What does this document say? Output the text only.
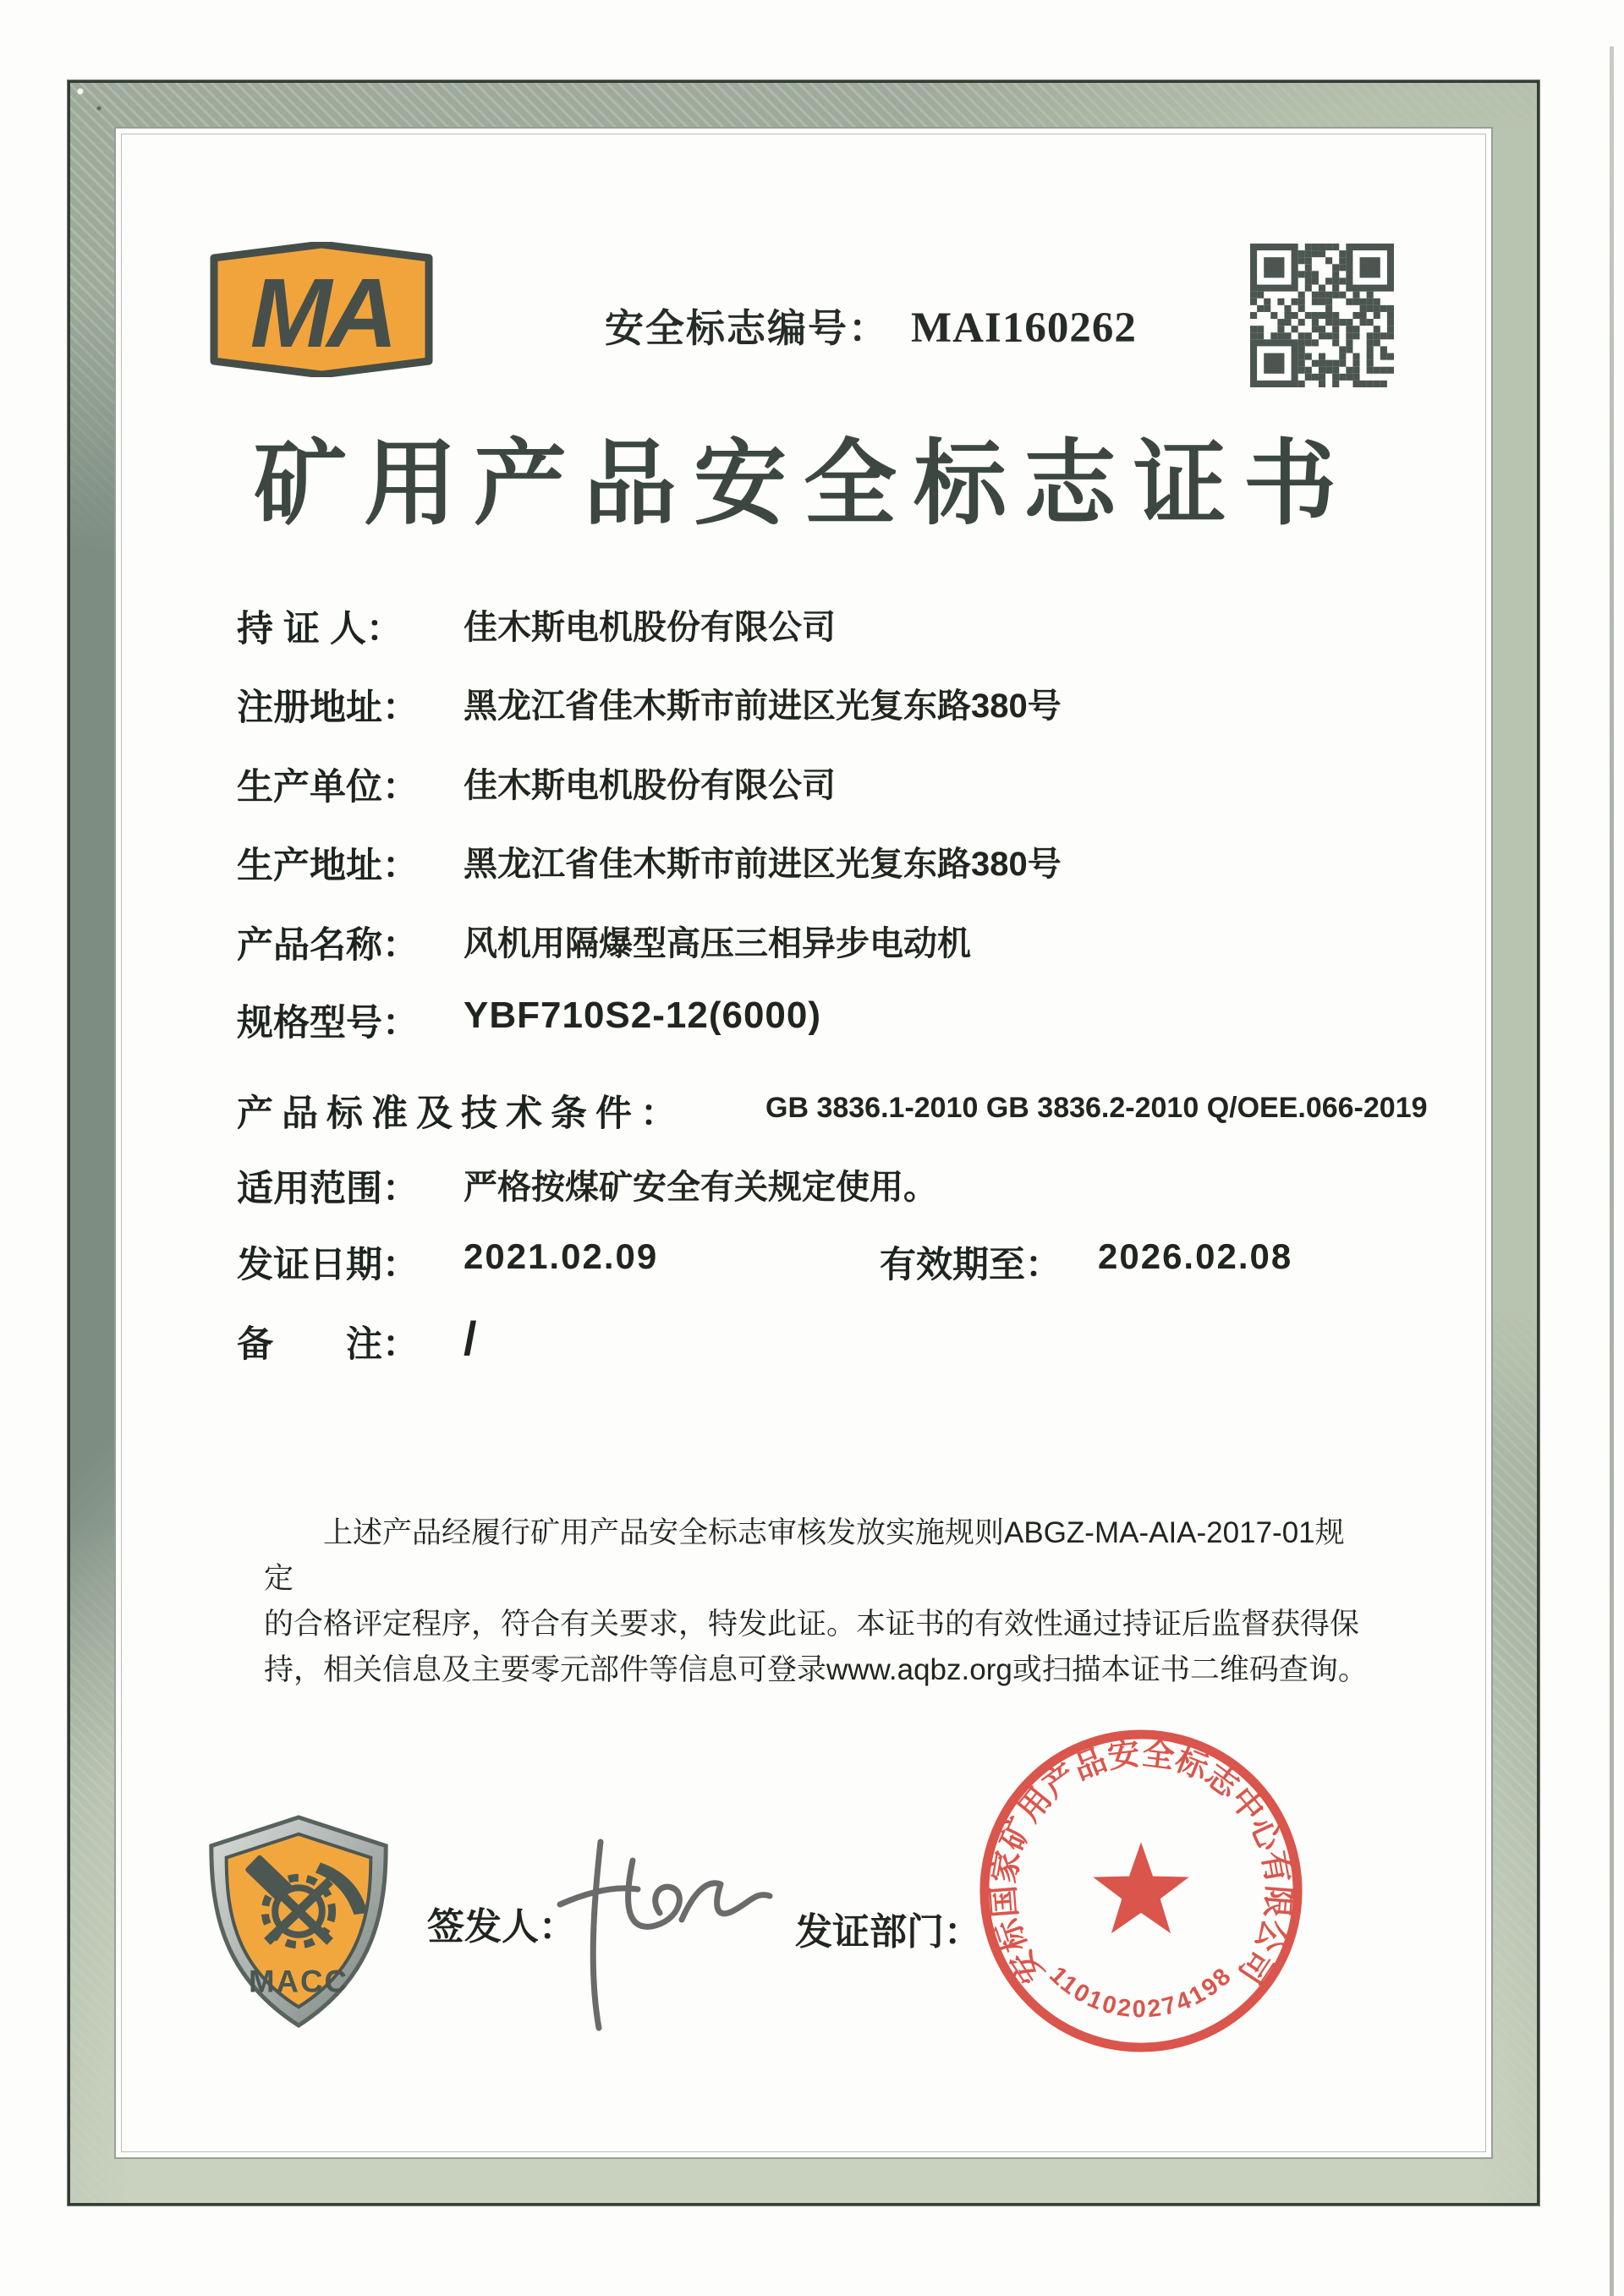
MA	安全标志编号： MAI160262
矿用产品安全标志证书
持 证 人： 佳木斯电机股份有限公司
注册地址： 黑龙江省佳木斯市前进区光复东路380号
生产单位： 佳木斯电机股份有限公司
生产地址： 黑龙江省佳木斯市前进区光复东路380号
产品名称： 风机用隔爆型高压三相异步电动机
规格型号： YBF710S2-12(6000)
产品标准及技术条件：	GB 3836.1-2010 GB 3836.2-2010 Q/OEE.066-2019
适用范围： 严格按煤矿安全有关规定使用。
发证日期： 2021.02.09	有效期至： 2026.02.08
备　　注： /
上述产品经履行矿用产品安全标志审核发放实施规则ABGZ-MA-AIA-2017-01规定
的合格评定程序，符合有关要求，特发此证。本证书的有效性通过持证后监督获得保
持，相关信息及主要零元部件等信息可登录www.aqbz.org或扫描本证书二维码查询。
MACC
签发人：	发证部门：
安标国家矿用产品安全标志中心有限公司
1101020274198
